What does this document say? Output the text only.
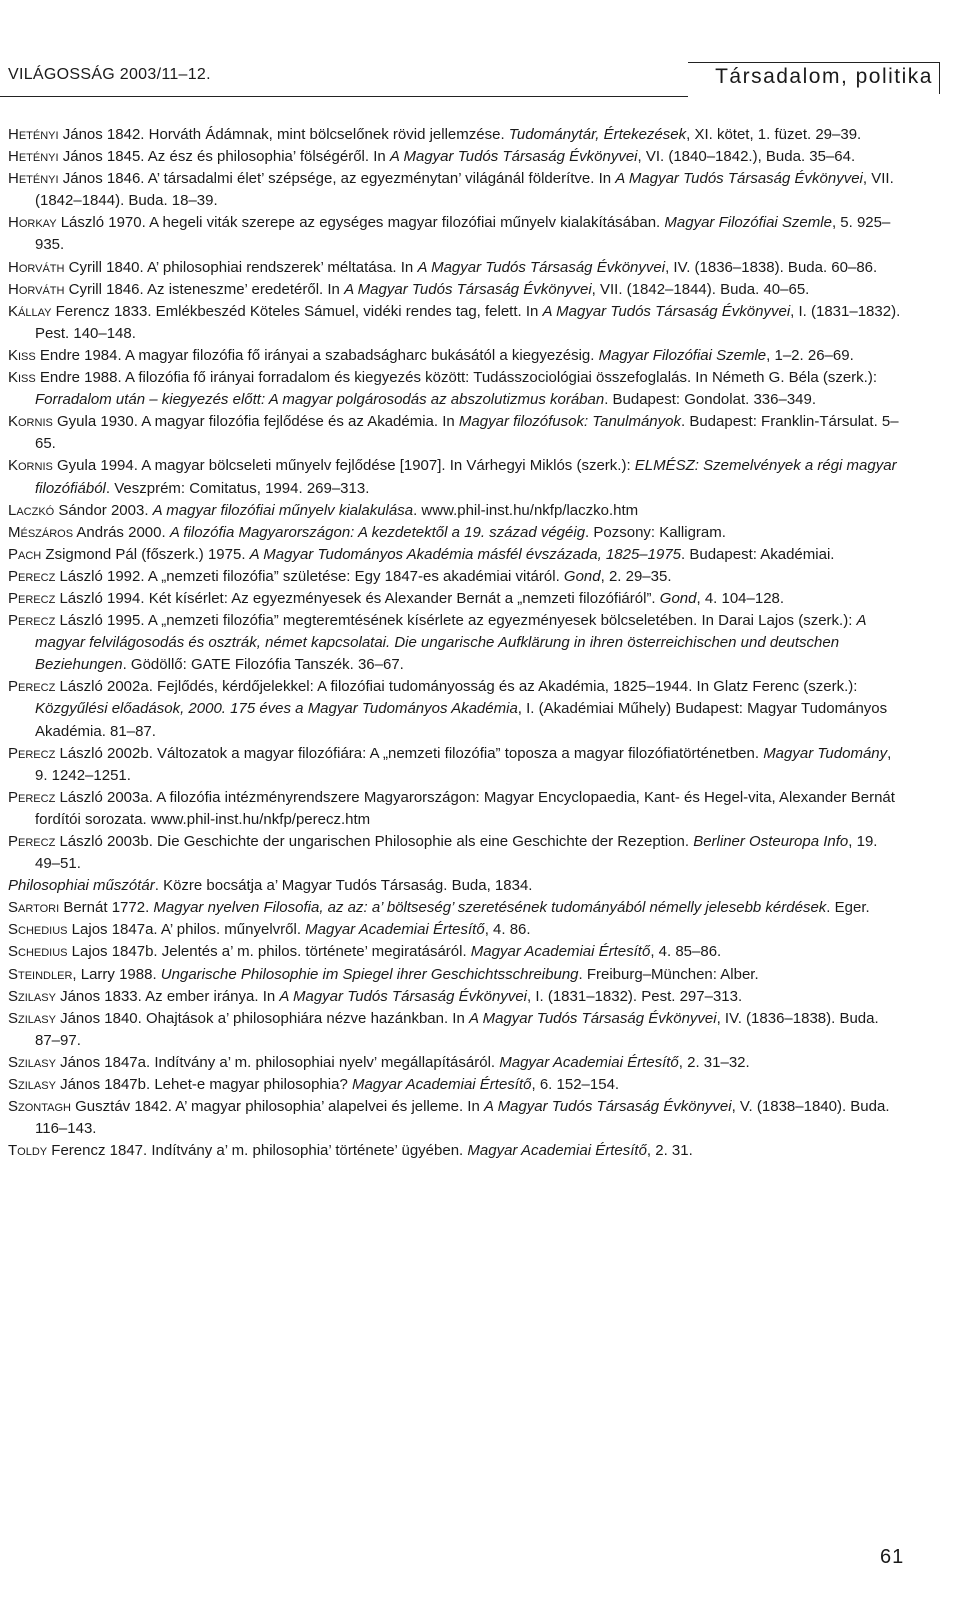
VILÁGOSSÁG 2003/11–12.	Társadalom, politika
Hetényi János 1842. Horváth Ádámnak, mint bölcselőnek rövid jellemzése. Tudománytár, Értekezések, XI. kötet, 1. füzet. 29–39.
Hetényi János 1845. Az ész és philosophia’ fölségéről. In A Magyar Tudós Társaság Évkönyvei, VI. (1840–1842.), Buda. 35–64.
Hetényi János 1846. A’ társadalmi élet’ szépsége, az egyezménytan’ világánál földerítve. In A Magyar Tudós Társaság Évkönyvei, VII. (1842–1844). Buda. 18–39.
Horkay László 1970. A hegeli viták szerepe az egységes magyar filozófiai műnyelv kialakításában. Magyar Filozófiai Szemle, 5. 925–935.
Horváth Cyrill 1840. A’ philosophiai rendszerek’ méltatása. In A Magyar Tudós Társaság Évkönyvei, IV. (1836–1838). Buda. 60–86.
Horváth Cyrill 1846. Az isteneszme’ eredetéről. In A Magyar Tudós Társaság Évkönyvei, VII. (1842–1844). Buda. 40–65.
Kállay Ferencz 1833. Emlékbeszéd Köteles Sámuel, vidéki rendes tag, felett. In A Magyar Tudós Társaság Évkönyvei, I. (1831–1832). Pest. 140–148.
Kiss Endre 1984. A magyar filozófia fő irányai a szabadságharc bukásától a kiegyezésig. Magyar Filozófiai Szemle, 1–2. 26–69.
Kiss Endre 1988. A filozófia fő irányai forradalom és kiegyezés között: Tudásszociológiai összefoglalás. In Németh G. Béla (szerk.): Forradalom után – kiegyezés előtt: A magyar polgárosodás az abszolutizmus korában. Budapest: Gondolat. 336–349.
Kornis Gyula 1930. A magyar filozófia fejlődése és az Akadémia. In Magyar filozófusok: Tanulmányok. Budapest: Franklin-Társulat. 5–65.
Kornis Gyula 1994. A magyar bölcseleti műnyelv fejlődése [1907]. In Várhegyi Miklós (szerk.): ELMÉSZ: Szemelvények a régi magyar filozófiából. Veszprém: Comitatus, 1994. 269–313.
Laczkó Sándor 2003. A magyar filozófiai műnyelv kialakulása. www.phil-inst.hu/nkfp/laczko.htm
Mészáros András 2000. A filozófia Magyarországon: A kezdetektől a 19. század végéig. Pozsony: Kalligram.
Pach Zsigmond Pál (főszerk.) 1975. A Magyar Tudományos Akadémia másfél évszázada, 1825–1975. Budapest: Akadémiai.
Perecz László 1992. A „nemzeti filozófia” születése: Egy 1847-es akadémiai vitáról. Gond, 2. 29–35.
Perecz László 1994. Két kísérlet: Az egyezményesek és Alexander Bernát a „nemzeti filozófiáról”. Gond, 4. 104–128.
Perecz László 1995. A „nemzeti filozófia” megteremtésének kísérlete az egyezményesek bölcseletében. In Darai Lajos (szerk.): A magyar felvilágosodás és osztrák, német kapcsolatai. Die ungarische Aufklärung in ihren österreichischen und deutschen Beziehungen. Gödöllő: GATE Filozófia Tanszék. 36–67.
Perecz László 2002a. Fejlődés, kérdőjelekkel: A filozófiai tudományosság és az Akadémia, 1825–1944. In Glatz Ferenc (szerk.): Közgyűlési előadások, 2000. 175 éves a Magyar Tudományos Akadémia, I. (Akadémiai Műhely) Budapest: Magyar Tudományos Akadémia. 81–87.
Perecz László 2002b. Változatok a magyar filozófiára: A „nemzeti filozófia” toposza a magyar filozófiatörténetben. Magyar Tudomány, 9. 1242–1251.
Perecz László 2003a. A filozófia intézményrendszere Magyarországon: Magyar Encyclopaedia, Kant- és Hegel-vita, Alexander Bernát fordítói sorozata. www.phil-inst.hu/nkfp/perecz.htm
Perecz László 2003b. Die Geschichte der ungarischen Philosophie als eine Geschichte der Rezeption. Berliner Osteuropa Info, 19. 49–51.
Philosophiai műszótár. Közre bocsátja a’ Magyar Tudós Társaság. Buda, 1834.
Sartori Bernát 1772. Magyar nyelven Filosofia, az az: a’ böltseség’ szeretésének tudományából némelly jelesebb kérdések. Eger.
Schedius Lajos 1847a. A’ philos. műnyelvről. Magyar Academiai Értesítő, 4. 86.
Schedius Lajos 1847b. Jelentés a’ m. philos. története’ megiratásáról. Magyar Academiai Értesítő, 4. 85–86.
Steindler, Larry 1988. Ungarische Philosophie im Spiegel ihrer Geschichtsschreibung. Freiburg–München: Alber.
Szilasy János 1833. Az ember iránya. In A Magyar Tudós Társaság Évkönyvei, I. (1831–1832). Pest. 297–313.
Szilasy János 1840. Ohajtások a’ philosophiára nézve hazánkban. In A Magyar Tudós Társaság Évkönyvei, IV. (1836–1838). Buda. 87–97.
Szilasy János 1847a. Indítvány a’ m. philosophiai nyelv’ megállapításáról. Magyar Academiai Értesítő, 2. 31–32.
Szilasy János 1847b. Lehet-e magyar philosophia? Magyar Academiai Értesítő, 6. 152–154.
Szontagh Gusztáv 1842. A’ magyar philosophia’ alapelvei és jelleme. In A Magyar Tudós Társaság Évkönyvei, V. (1838–1840). Buda. 116–143.
Toldy Ferencz 1847. Indítvány a’ m. philosophia’ története’ ügyében. Magyar Academiai Értesítő, 2. 31.
61
